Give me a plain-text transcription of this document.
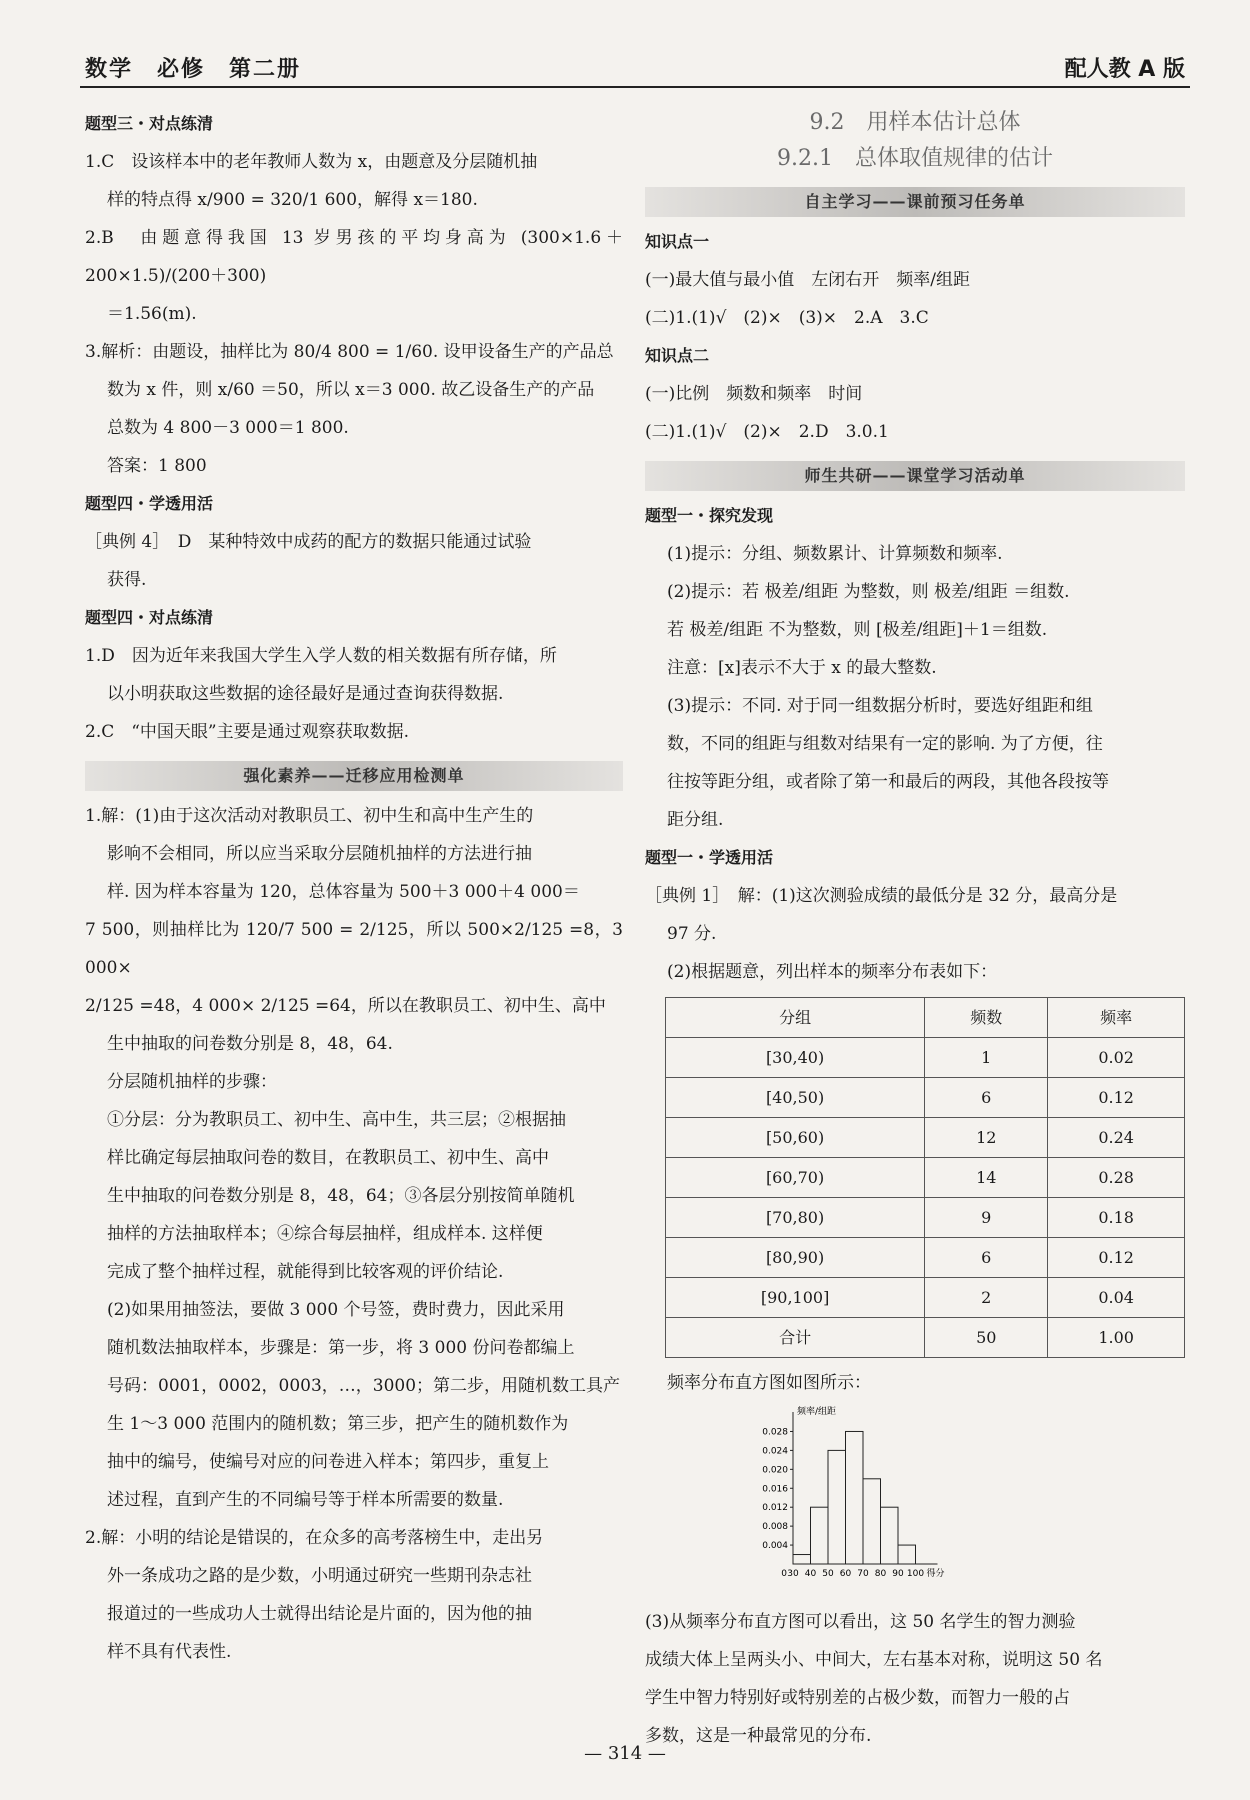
数学　必修　第二册	配人教 A 版

题型三・对点练清

1.C　设该样本中的老年教师人数为 x，由题意及分层随机抽

样的特点得 x/900 = 320/1 600，解得 x＝180.

2.B　由题意得我国 13 岁男孩的平均身高为 (300×1.6＋200×1.5)/(200＋300)

＝1.56(m).

3.解析：由题设，抽样比为 80/4 800 = 1/60. 设甲设备生产的产品总

数为 x 件，则 x/60 ＝50，所以 x＝3 000. 故乙设备生产的产品

总数为 4 800－3 000＝1 800.

答案：1 800

题型四・学透用活

［典例 4］　D　某种特效中成药的配方的数据只能通过试验

获得.

题型四・对点练清

1.D　因为近年来我国大学生入学人数的相关数据有所存储，所

以小明获取这些数据的途径最好是通过查询获得数据.

2.C　“中国天眼”主要是通过观察获取数据.

强化素养——迁移应用检测单

1.解：(1)由于这次活动对教职员工、初中生和高中生产生的

影响不会相同，所以应当采取分层随机抽样的方法进行抽

样. 因为样本容量为 120，总体容量为 500＋3 000＋4 000＝

7 500，则抽样比为 120/7 500 = 2/125，所以 500×2/125 =8，3 000×

2/125 =48，4 000× 2/125 =64，所以在教职员工、初中生、高中

生中抽取的问卷数分别是 8，48，64.

分层随机抽样的步骤：

①分层：分为教职员工、初中生、高中生，共三层；②根据抽

样比确定每层抽取问卷的数目，在教职员工、初中生、高中

生中抽取的问卷数分别是 8，48，64；③各层分别按简单随机

抽样的方法抽取样本；④综合每层抽样，组成样本. 这样便

完成了整个抽样过程，就能得到比较客观的评价结论.

(2)如果用抽签法，要做 3 000 个号签，费时费力，因此采用

随机数法抽取样本，步骤是：第一步，将 3 000 份问卷都编上

号码：0001，0002，0003，…，3000；第二步，用随机数工具产

生 1～3 000 范围内的随机数；第三步，把产生的随机数作为

抽中的编号，使编号对应的问卷进入样本；第四步，重复上

述过程，直到产生的不同编号等于样本所需要的数量.

2.解：小明的结论是错误的，在众多的高考落榜生中，走出另

外一条成功之路的是少数，小明通过研究一些期刊杂志社

报道过的一些成功人士就得出结论是片面的，因为他的抽

样不具有代表性.

9.2　用样本估计总体
9.2.1　总体取值规律的估计
自主学习——课前预习任务单

知识点一

(一)最大值与最小值　左闭右开　频率/组距

(二)1.(1)√　(2)×　(3)×　2.A　3.C

知识点二

(一)比例　频数和频率　时间

(二)1.(1)√　(2)×　2.D　3.0.1

师生共研——课堂学习活动单

题型一・探究发现

(1)提示：分组、频数累计、计算频数和频率.

(2)提示：若 极差/组距 为整数，则 极差/组距 ＝组数.

若 极差/组距 不为整数，则 [极差/组距]＋1＝组数.

注意：[x]表示不大于 x 的最大整数.

(3)提示：不同. 对于同一组数据分析时，要选好组距和组

数，不同的组距与组数对结果有一定的影响. 为了方便，往

往按等距分组，或者除了第一和最后的两段，其他各段按等

距分组.

题型一・学透用活

［典例 1］　解：(1)这次测验成绩的最低分是 32 分，最高分是

97 分.

(2)根据题意，列出样本的频率分布表如下：

分组	频数	频率
[30,40)	1	0.02
[40,50)	6	0.12
[50,60)	12	0.24
[60,70)	14	0.28
[70,80)	9	0.18
[80,90)	6	0.12
[90,100]	2	0.04
合计	50	1.00

频率分布直方图如图所示：

0.004
0.008
0.012
0.016
0.020
0.024
0.028
30 40 50 60 70 80 90 100
0	得分
频率/组距

(3)从频率分布直方图可以看出，这 50 名学生的智力测验

成绩大体上呈两头小、中间大，左右基本对称，说明这 50 名

学生中智力特别好或特别差的占极少数，而智力一般的占

多数，这是一种最常见的分布.

— 314 —
